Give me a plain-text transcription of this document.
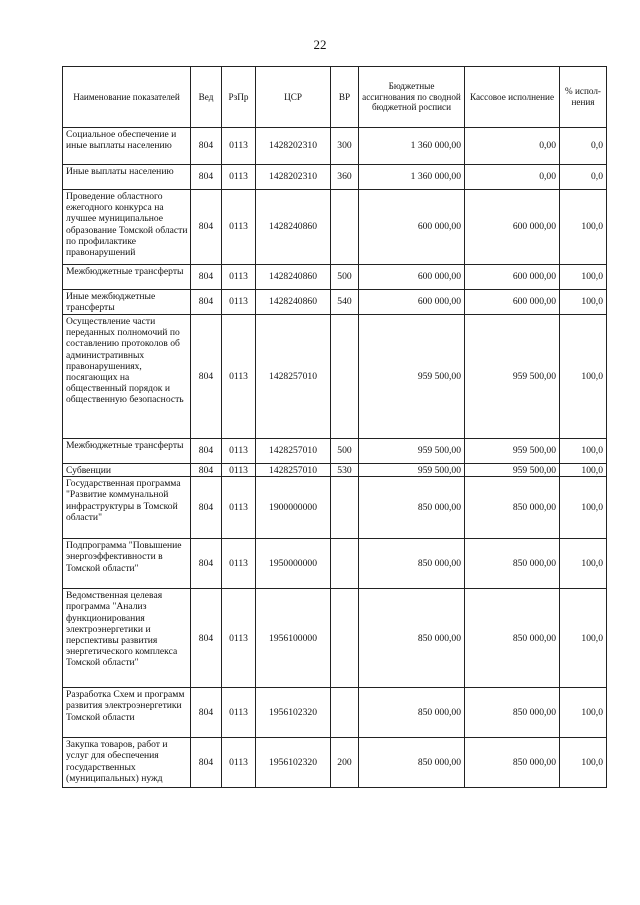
22
Наименование показателей	Вед	РзПр	ЦСР	ВР	Бюджетные ассигнования по сводной бюджетной росписи	Кассовое исполнение	% испол-нения
Социальное обеспечение и иные выплаты населению	804	0113	1428202310	300	1 360 000,00	0,00	0,0
Иные выплаты населению	804	0113	1428202310	360	1 360 000,00	0,00	0,0
Проведение областного ежегодного конкурса на лучшее муниципальное образование Томской области по профилактике правонарушений	804	0113	1428240860		600 000,00	600 000,00	100,0
Межбюджетные трансферты	804	0113	1428240860	500	600 000,00	600 000,00	100,0
Иные межбюджетные трансферты	804	0113	1428240860	540	600 000,00	600 000,00	100,0
Осуществление части переданных полномочий по составлению протоколов об административных правонарушениях, посягающих на общественный порядок и общественную безопасность	804	0113	1428257010		959 500,00	959 500,00	100,0
Межбюджетные трансферты	804	0113	1428257010	500	959 500,00	959 500,00	100,0
Субвенции	804	0113	1428257010	530	959 500,00	959 500,00	100,0
Государственная программа "Развитие коммунальной инфраструктуры в Томской области"	804	0113	1900000000		850 000,00	850 000,00	100,0
Подпрограмма "Повышение энергоэффективности в Томской области"	804	0113	1950000000		850 000,00	850 000,00	100,0
Ведомственная целевая программа "Анализ функционирования электроэнергетики и перспективы развития энергетического комплекса Томской области"	804	0113	1956100000		850 000,00	850 000,00	100,0
Разработка Схем и программ развития электроэнергетики Томской области	804	0113	1956102320		850 000,00	850 000,00	100,0
Закупка товаров, работ и услуг для обеспечения государственных (муниципальных) нужд	804	0113	1956102320	200	850 000,00	850 000,00	100,0
